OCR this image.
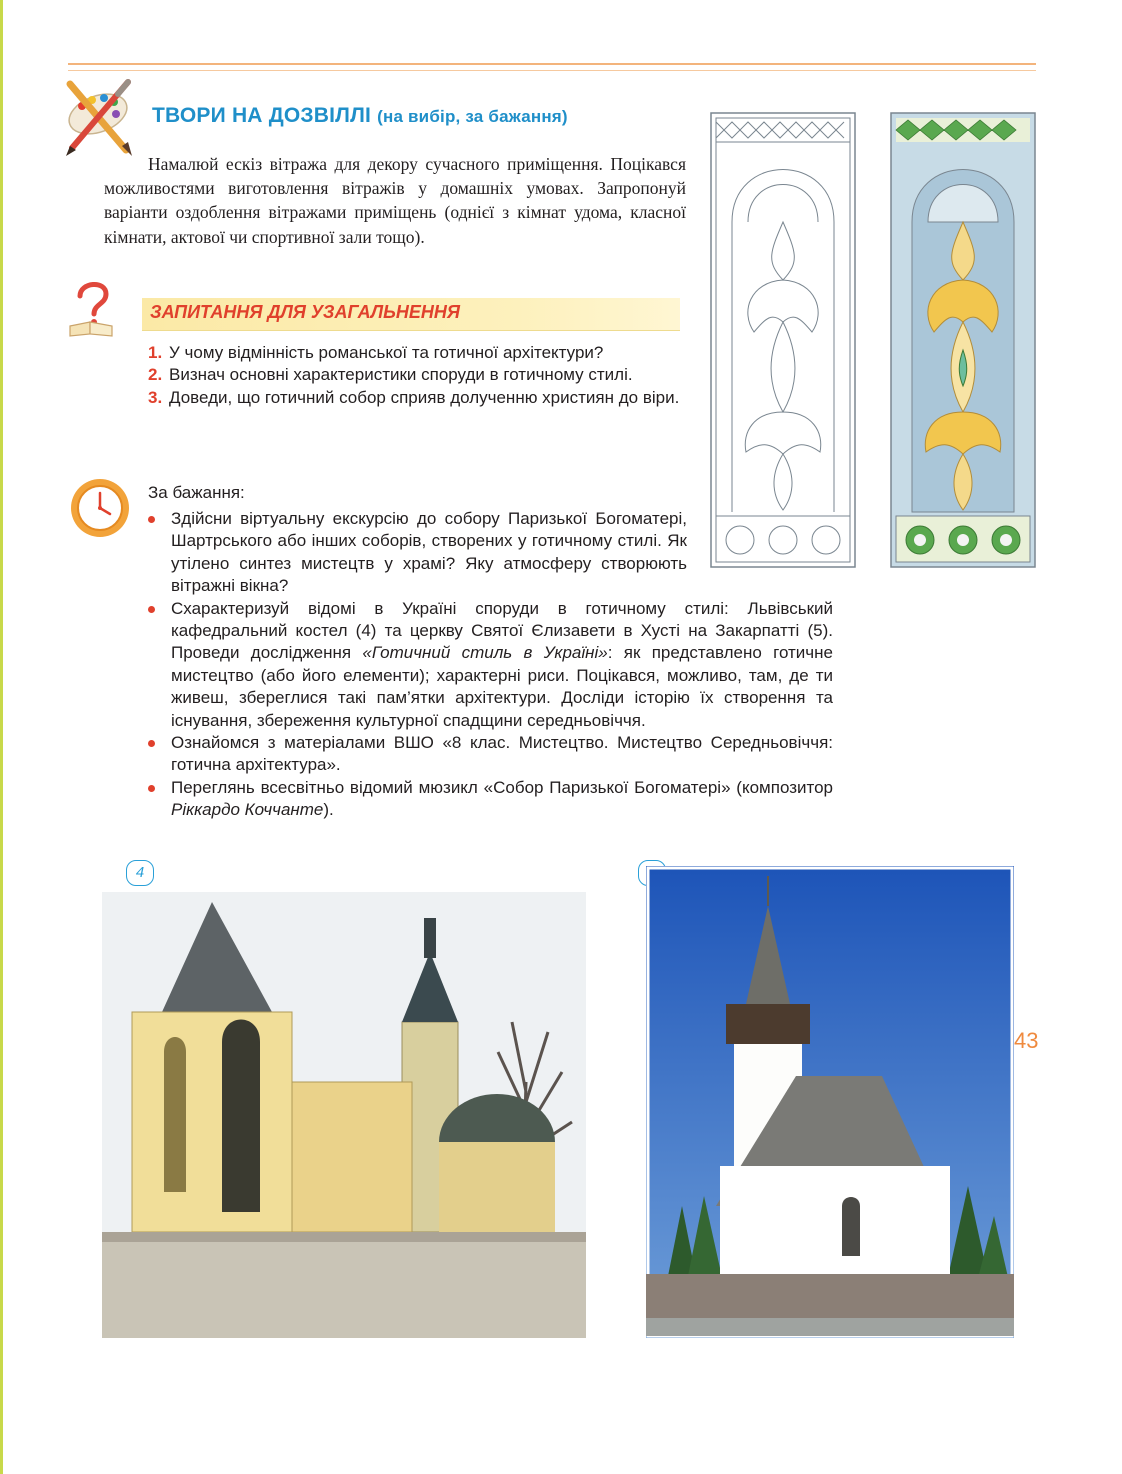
ТВОРИ НА ДОЗВІЛЛІ (на вибір, за бажання)
Намалюй ескіз вітража для декору сучасного приміщення. Поцікався можливостями виготовлення вітражів у домашніх умовах. Запропонуй варіанти оздоблення вітражами приміщень (однієї з кімнат удома, класної кімнати, актової чи спортивної зали тощо).
ЗАПИТАННЯ ДЛЯ УЗАГАЛЬНЕННЯ
1. У чому відмінність романської та готичної архітектури?
2. Визнач основні характеристики споруди в готичному стилі.
3. Доведи, що готичний собор сприяв долученню християн до віри.
За бажання:
Здійсни віртуальну екскурсію до собору Паризької Богоматері, Шартрського або інших соборів, створених у готичному стилі. Як утілено синтез мистецтв у храмі? Яку атмосферу створюють вітражні вікна?
Схарактеризуй відомі в Україні споруди в готичному стилі: Львівський кафедральний костел (4) та церкву Святої Єлизавети в Хусті на Закарпатті (5). Проведи дослідження «Готичний стиль в Україні»: як представлено готичне мистецтво (або його елементи); характерні риси. Поцікався, можливо, там, де ти живеш, збереглися такі пам’ятки архітектури. Досліди історію їх створення та існування, збереження культурної спадщини середньовіччя.
Ознайомся з матеріалами ВШО «8 клас. Мистецтво. Мистецтво Середньовіччя: готична архітектура».
Переглянь всесвітньо відомий мюзикл «Собор Паризької Богоматері» (композитор Ріккардо Коччанте).
4
43
